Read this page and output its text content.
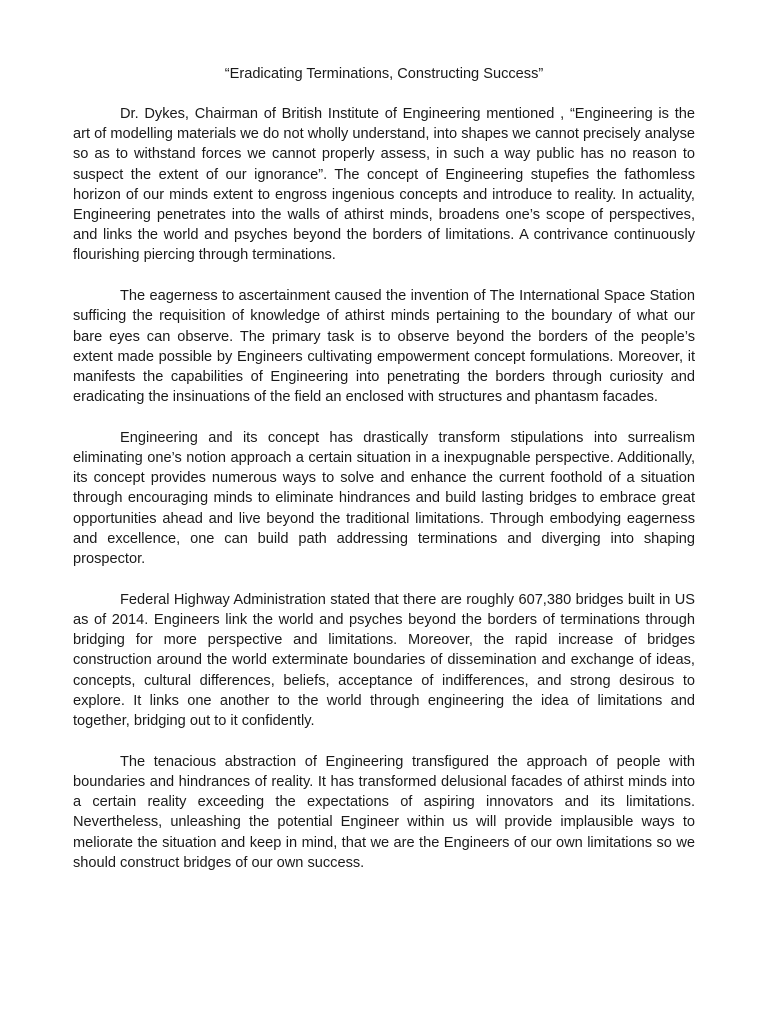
“Eradicating Terminations, Constructing Success”

Dr. Dykes, Chairman of British Institute of Engineering mentioned , “Engineering is the art of modelling materials we do not wholly understand, into shapes we cannot precisely analyse so as to withstand forces we cannot properly assess, in such a way public has no reason to suspect the extent of our ignorance”. The concept of Engineering stupefies the fathomless horizon of our minds extent to engross ingenious concepts and introduce to reality. In actuality, Engineering penetrates into the walls of athirst minds, broadens one’s scope of perspectives, and links the world and psyches beyond the borders of limitations. A contrivance continuously flourishing piercing through terminations.

The eagerness to ascertainment caused the invention of The International Space Station sufficing the requisition of knowledge of athirst minds pertaining to the boundary of what our bare eyes can observe. The primary task is to observe beyond the borders of the people’s extent made possible by Engineers cultivating empowerment concept formulations. Moreover, it manifests the capabilities of Engineering into penetrating the borders through curiosity and eradicating the insinuations of the field an enclosed with structures and phantasm facades.

Engineering and its concept has drastically transform stipulations into surrealism eliminating one’s notion approach a certain situation in a inexpugnable perspective. Additionally, its concept provides numerous ways to solve and enhance the current foothold of a situation through encouraging minds to eliminate hindrances and build lasting bridges to embrace great opportunities ahead and live beyond the traditional limitations. Through embodying eagerness and excellence, one can build path addressing terminations and diverging into shaping prospector.

Federal Highway Administration stated that there are roughly 607,380 bridges built in US as of 2014. Engineers link the world and psyches beyond the borders of terminations through bridging for more perspective and limitations. Moreover, the rapid increase of bridges construction around the world exterminate boundaries of dissemination and exchange of ideas, concepts, cultural differences, beliefs, acceptance of indifferences, and strong desirous to explore. It links one another to the world through engineering the idea of limitations and together, bridging out to it confidently.

The tenacious abstraction of Engineering transfigured the approach of people with boundaries and hindrances of reality. It has transformed delusional facades of athirst minds into a certain reality exceeding the expectations of aspiring innovators and its limitations. Nevertheless, unleashing the potential Engineer within us will provide implausible ways to meliorate the situation and keep in mind, that we are the Engineers of our own limitations so we should construct bridges of our own success.
